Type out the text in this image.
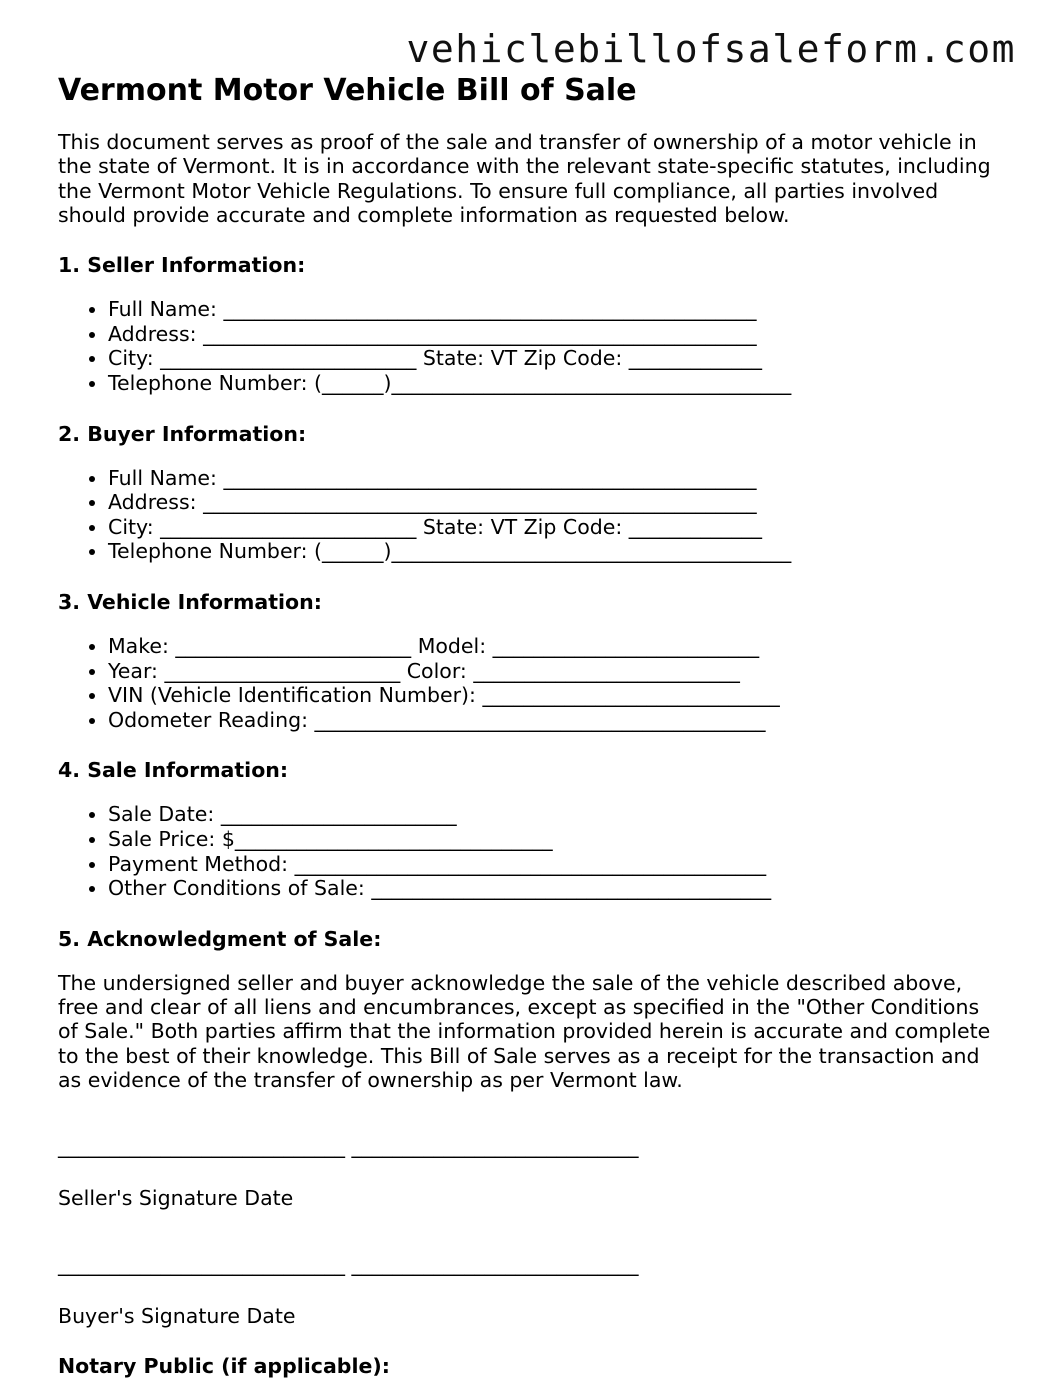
vehiclebillofsaleform.com
Vermont Motor Vehicle Bill of Sale

This document serves as proof of the sale and transfer of ownership of a motor vehicle in the state of Vermont. It is in accordance with the relevant state-specific statutes, including the Vermont Motor Vehicle Regulations. To ensure full compliance, all parties involved should provide accurate and complete information as requested below.

1. Seller Information:
• Full Name: ____________________________________________________
• Address: ______________________________________________________
• City: _________________________ State: VT Zip Code: _____________
• Telephone Number: (______)_______________________________________
2. Buyer Information:
• Full Name: ____________________________________________________
• Address: ______________________________________________________
• City: _________________________ State: VT Zip Code: _____________
• Telephone Number: (______)_______________________________________
3. Vehicle Information:
• Make: _______________________ Model: __________________________
• Year: _______________________ Color: __________________________
• VIN (Vehicle Identification Number): _____________________________
• Odometer Reading: ____________________________________________
4. Sale Information:
• Sale Date: _______________________
• Sale Price: $_______________________________
• Payment Method: ______________________________________________
• Other Conditions of Sale: _______________________________________
5. Acknowledgment of Sale:

The undersigned seller and buyer acknowledge the sale of the vehicle described above, free and clear of all liens and encumbrances, except as specified in the "Other Conditions of Sale." Both parties affirm that the information provided herein is accurate and complete to the best of their knowledge. This Bill of Sale serves as a receipt for the transaction and as evidence of the transfer of ownership as per Vermont law.

____________________________ ____________________________
Seller's Signature Date
____________________________ ____________________________
Buyer's Signature Date
Notary Public (if applicable):
